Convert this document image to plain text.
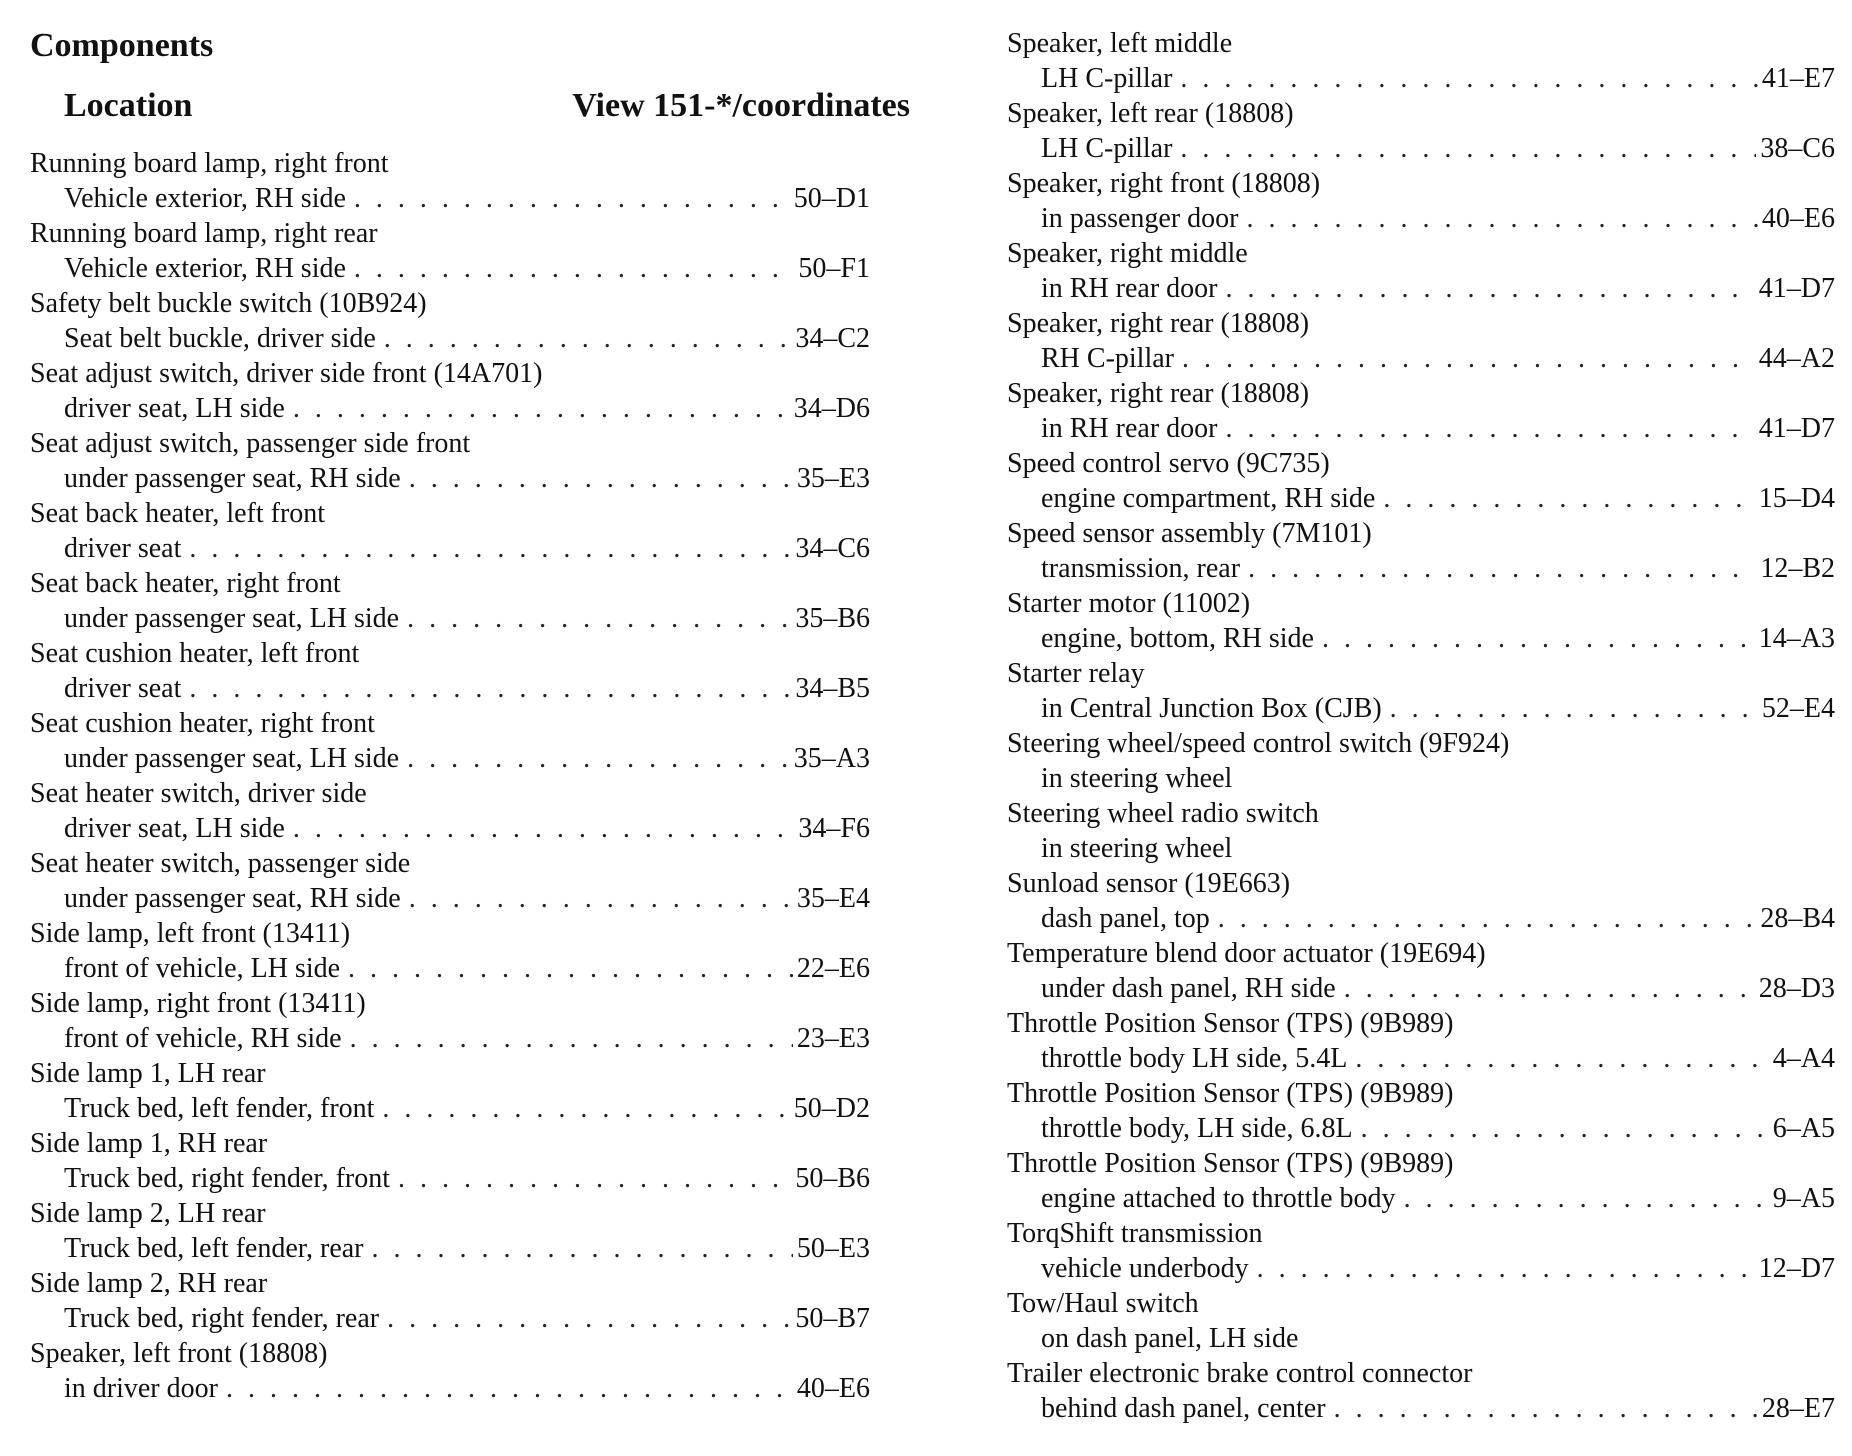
Components
Location	View 151-*/coordinates
Running board lamp, right front
Vehicle exterior, RH side . . .	50–D1
Running board lamp, right rear
Vehicle exterior, RH side . . .	50–F1
Safety belt buckle switch (10B924)
Seat belt buckle, driver side . . .	34–C2
Seat adjust switch, driver side front (14A701)
driver seat, LH side . . .	34–D6
Seat adjust switch, passenger side front
under passenger seat, RH side . . .	35–E3
Seat back heater, left front
driver seat . . .	34–C6
Seat back heater, right front
under passenger seat, LH side . . .	35–B6
Seat cushion heater, left front
driver seat . . .	34–B5
Seat cushion heater, right front
under passenger seat, LH side . . .	35–A3
Seat heater switch, driver side
driver seat, LH side . . .	34–F6
Seat heater switch, passenger side
under passenger seat, RH side . . .	35–E4
Side lamp, left front (13411)
front of vehicle, LH side . . .	22–E6
Side lamp, right front (13411)
front of vehicle, RH side . . .	23–E3
Side lamp 1, LH rear
Truck bed, left fender, front . . .	50–D2
Side lamp 1, RH rear
Truck bed, right fender, front . . .	50–B6
Side lamp 2, LH rear
Truck bed, left fender, rear . . .	50–E3
Side lamp 2, RH rear
Truck bed, right fender, rear . . .	50–B7
Speaker, left front (18808)
in driver door . . .	40–E6
Speaker, left middle
LH C-pillar . . .	41–E7
Speaker, left rear (18808)
LH C-pillar . . .	38–C6
Speaker, right front (18808)
in passenger door . . .	40–E6
Speaker, right middle
in RH rear door . . .	41–D7
Speaker, right rear (18808)
RH C-pillar . . .	44–A2
Speaker, right rear (18808)
in RH rear door . . .	41–D7
Speed control servo (9C735)
engine compartment, RH side . . .	15–D4
Speed sensor assembly (7M101)
transmission, rear . . .	12–B2
Starter motor (11002)
engine, bottom, RH side . . .	14–A3
Starter relay
in Central Junction Box (CJB) . . .	52–E4
Steering wheel/speed control switch (9F924)
in steering wheel
Steering wheel radio switch
in steering wheel
Sunload sensor (19E663)
dash panel, top . . .	28–B4
Temperature blend door actuator (19E694)
under dash panel, RH side . . .	28–D3
Throttle Position Sensor (TPS) (9B989)
throttle body LH side, 5.4L . . .	4–A4
Throttle Position Sensor (TPS) (9B989)
throttle body, LH side, 6.8L . . .	6–A5
Throttle Position Sensor (TPS) (9B989)
engine attached to throttle body . . .	9–A5
TorqShift transmission
vehicle underbody . . .	12–D7
Tow/Haul switch
on dash panel, LH side
Trailer electronic brake control connector
behind dash panel, center . . .	28–E7
